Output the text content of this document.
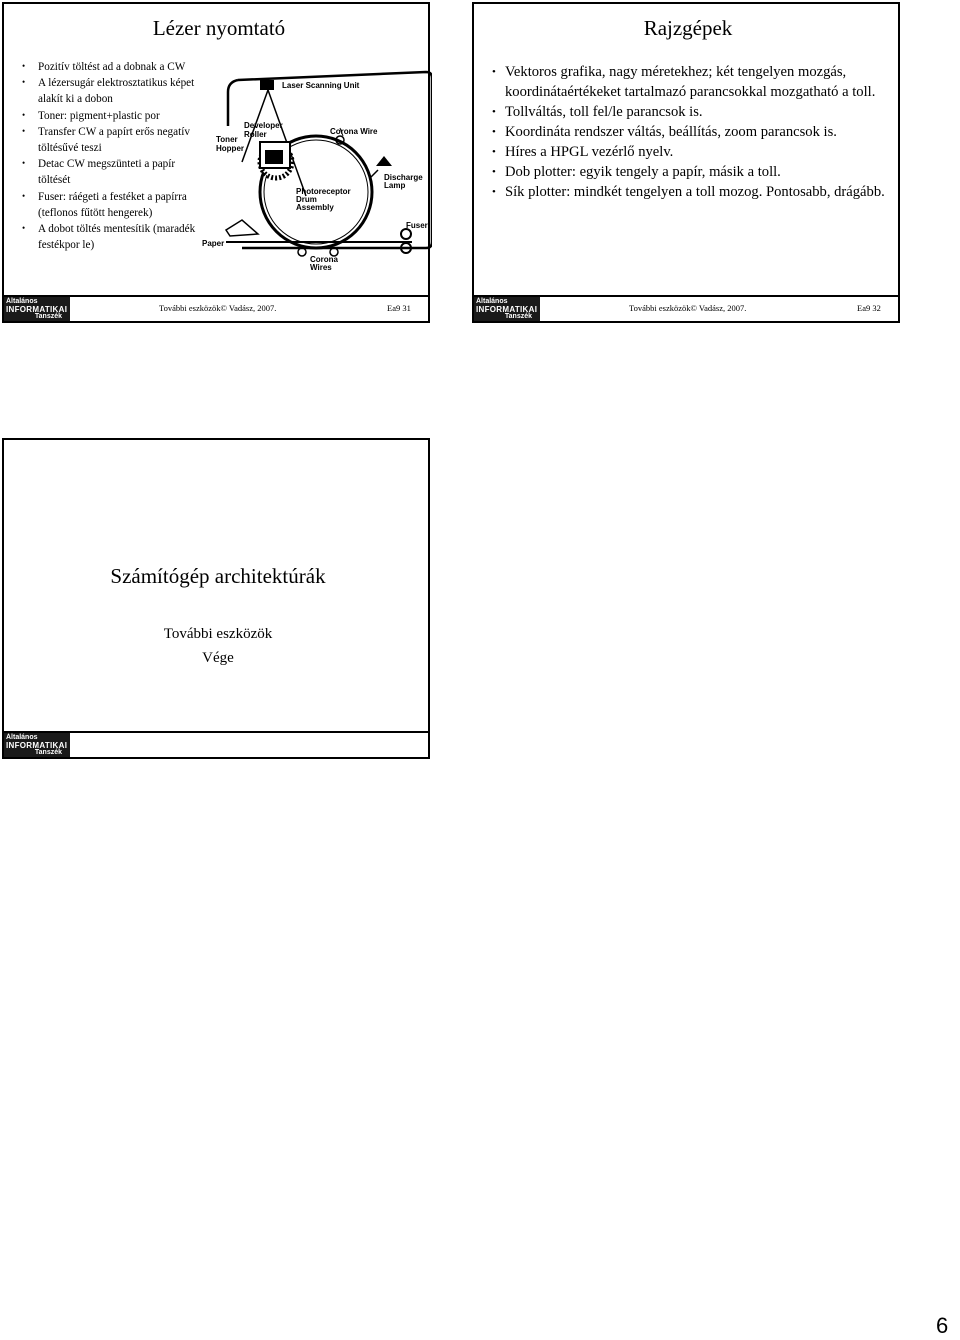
Lézer nyomtató
• Pozitív töltést ad a dobnak a CW
• A lézersugár elektrosztatikus képet alakít ki a dobon
• Toner: pigment+plastic por
• Transfer CW a papírt erős negatív töltésűvé teszi
• Detac CW megszünteti a papír töltését
• Fuser: ráégeti a festéket a papírra (teflonos fűtött hengerek)
• A dobot töltés mentesítik (maradék festékpor le)
Laser Scanning Unit
Developer
Roller
Toner
Hopper
Corona Wire
Discharge
Lamp
Photoreceptor
Drum
Assembly
Fuser
Paper
Corona
Wires
Általános
INFORMATIKAI
Tanszék
További eszközök© Vadász, 2007.	Ea9 31
Rajzgépek
• Vektoros grafika, nagy méretekhez; két tengelyen mozgás, koordinátaértékeket tartalmazó parancsokkal mozgatható a toll.
• Tollváltás, toll fel/le parancsok is.
• Koordináta rendszer váltás, beállítás, zoom parancsok is.
• Híres a HPGL vezérlő nyelv.
• Dob plotter: egyik tengely a papír, másik a toll.
• Sík plotter: mindkét tengelyen a toll mozog. Pontosabb, drágább.
Általános
INFORMATIKAI
Tanszék
További eszközök© Vadász, 2007.	Ea9 32
Számítógép architektúrák
További eszközök
Vége
Általános
INFORMATIKAI
Tanszék
6
